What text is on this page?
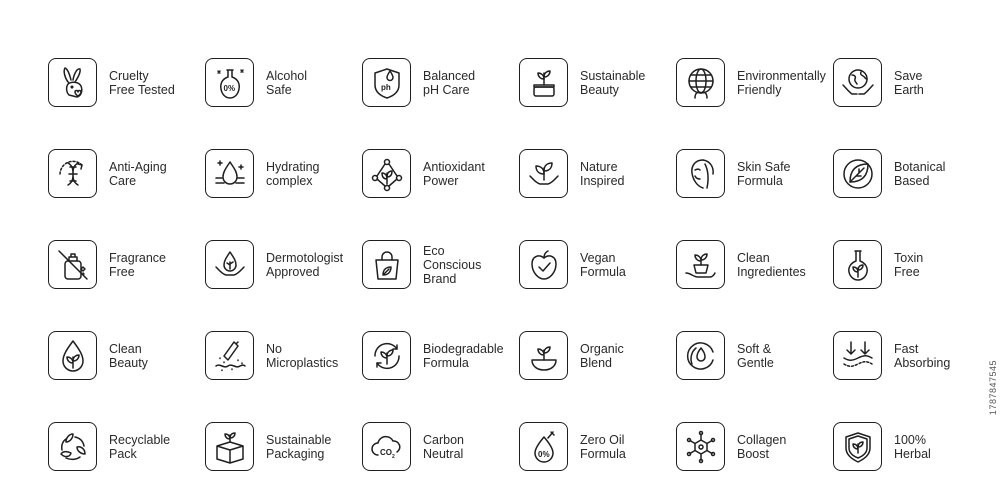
Cruelty
Free Tested	0%
Alcohol
Safe	ph
Balanced
pH Care
Sustainable
Beauty
Environmentally
Friendly
Save
Earth
Anti-Aging
Care
Hydrating
complex
Antioxidant
Power
Nature
Inspired
Skin Safe
Formula
Botanical
Based
Fragrance
Free
Dermotologist
Approved
Eco
Conscious
Brand
Vegan
Formula
Clean
Ingredientes
Toxin
Free
Clean
Beauty
No
Microplastics
Biodegradable
Formula
Organic
Blend
Soft &
Gentle
Fast
Absorbing
Recyclable
Pack
Sustainable
Packaging	CO 2
Carbon
Neutral	0%
Zero Oil
Formula
Collagen
Boost
100%
Herbal
1787847545
